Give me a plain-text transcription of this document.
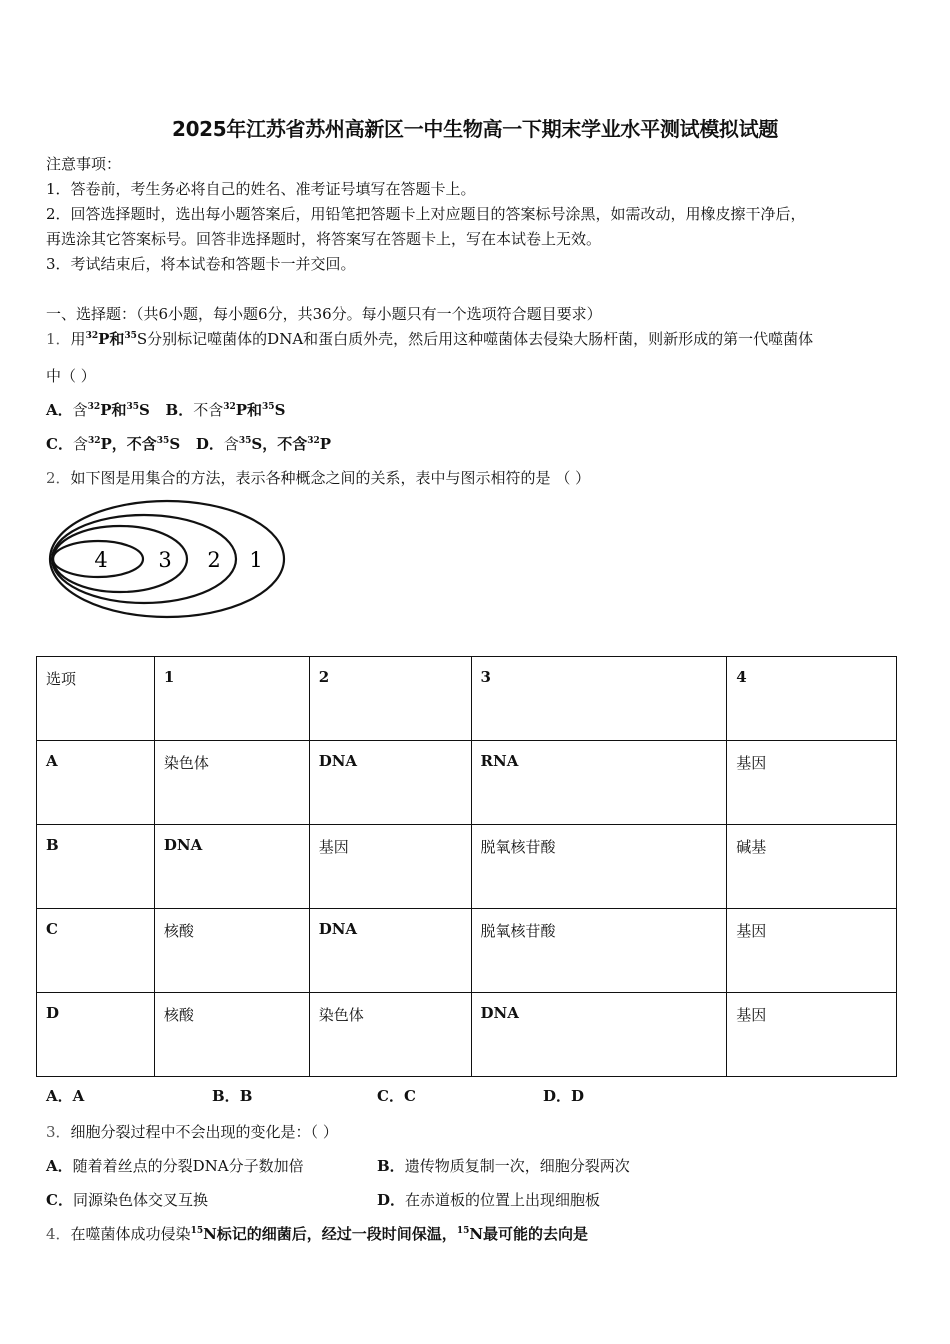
2025年江苏省苏州高新区一中生物高一下期末学业水平测试模拟试题
注意事项：
1．答卷前，考生务必将自己的姓名、准考证号填写在答题卡上。
2．回答选择题时，选出每小题答案后，用铅笔把答题卡上对应题目的答案标号涂黑，如需改动，用橡皮擦干净后，
再选涂其它答案标号。回答非选择题时，将答案写在答题卡上，写在本试卷上无效。
3．考试结束后，将本试卷和答题卡一并交回。
一、选择题：（共6小题，每小题6分，共36分。每小题只有一个选项符合题目要求）
1．用$^{32}$P和$^{35}$S分别标记噬菌体的DNA和蛋白质外壳，然后用这种噬菌体去侵染大肠杆菌，则新形成的第一代噬菌体
中（ ）
A．含$^{32}$P和$^{35}$S B．不含$^{32}$P和$^{35}$S
C．含$^{32}$P，不含$^{35}$S D．含$^{35}$S，不含$^{32}$P
2．如下图是用集合的方法，表示各种概念之间的关系，表中与图示相符的是 （ ）
4 3 2 1
选项	1	2	3	4
A	染色体	DNA	RNA	基因
B	DNA	基因	脱氧核苷酸	碱基
C	核酸	DNA	脱氧核苷酸	基因
D	核酸	染色体	DNA	基因
A．A	B．B	C．C	D．D
3．细胞分裂过程中不会出现的变化是：（ ）
A．随着着丝点的分裂DNA分子数加倍	B．遗传物质复制一次，细胞分裂两次
C．同源染色体交叉互换	D．在赤道板的位置上出现细胞板
4．在噬菌体成功侵染$^{15}$N标记的细菌后，经过一段时间保温，$^{15}$N最可能的去向是
